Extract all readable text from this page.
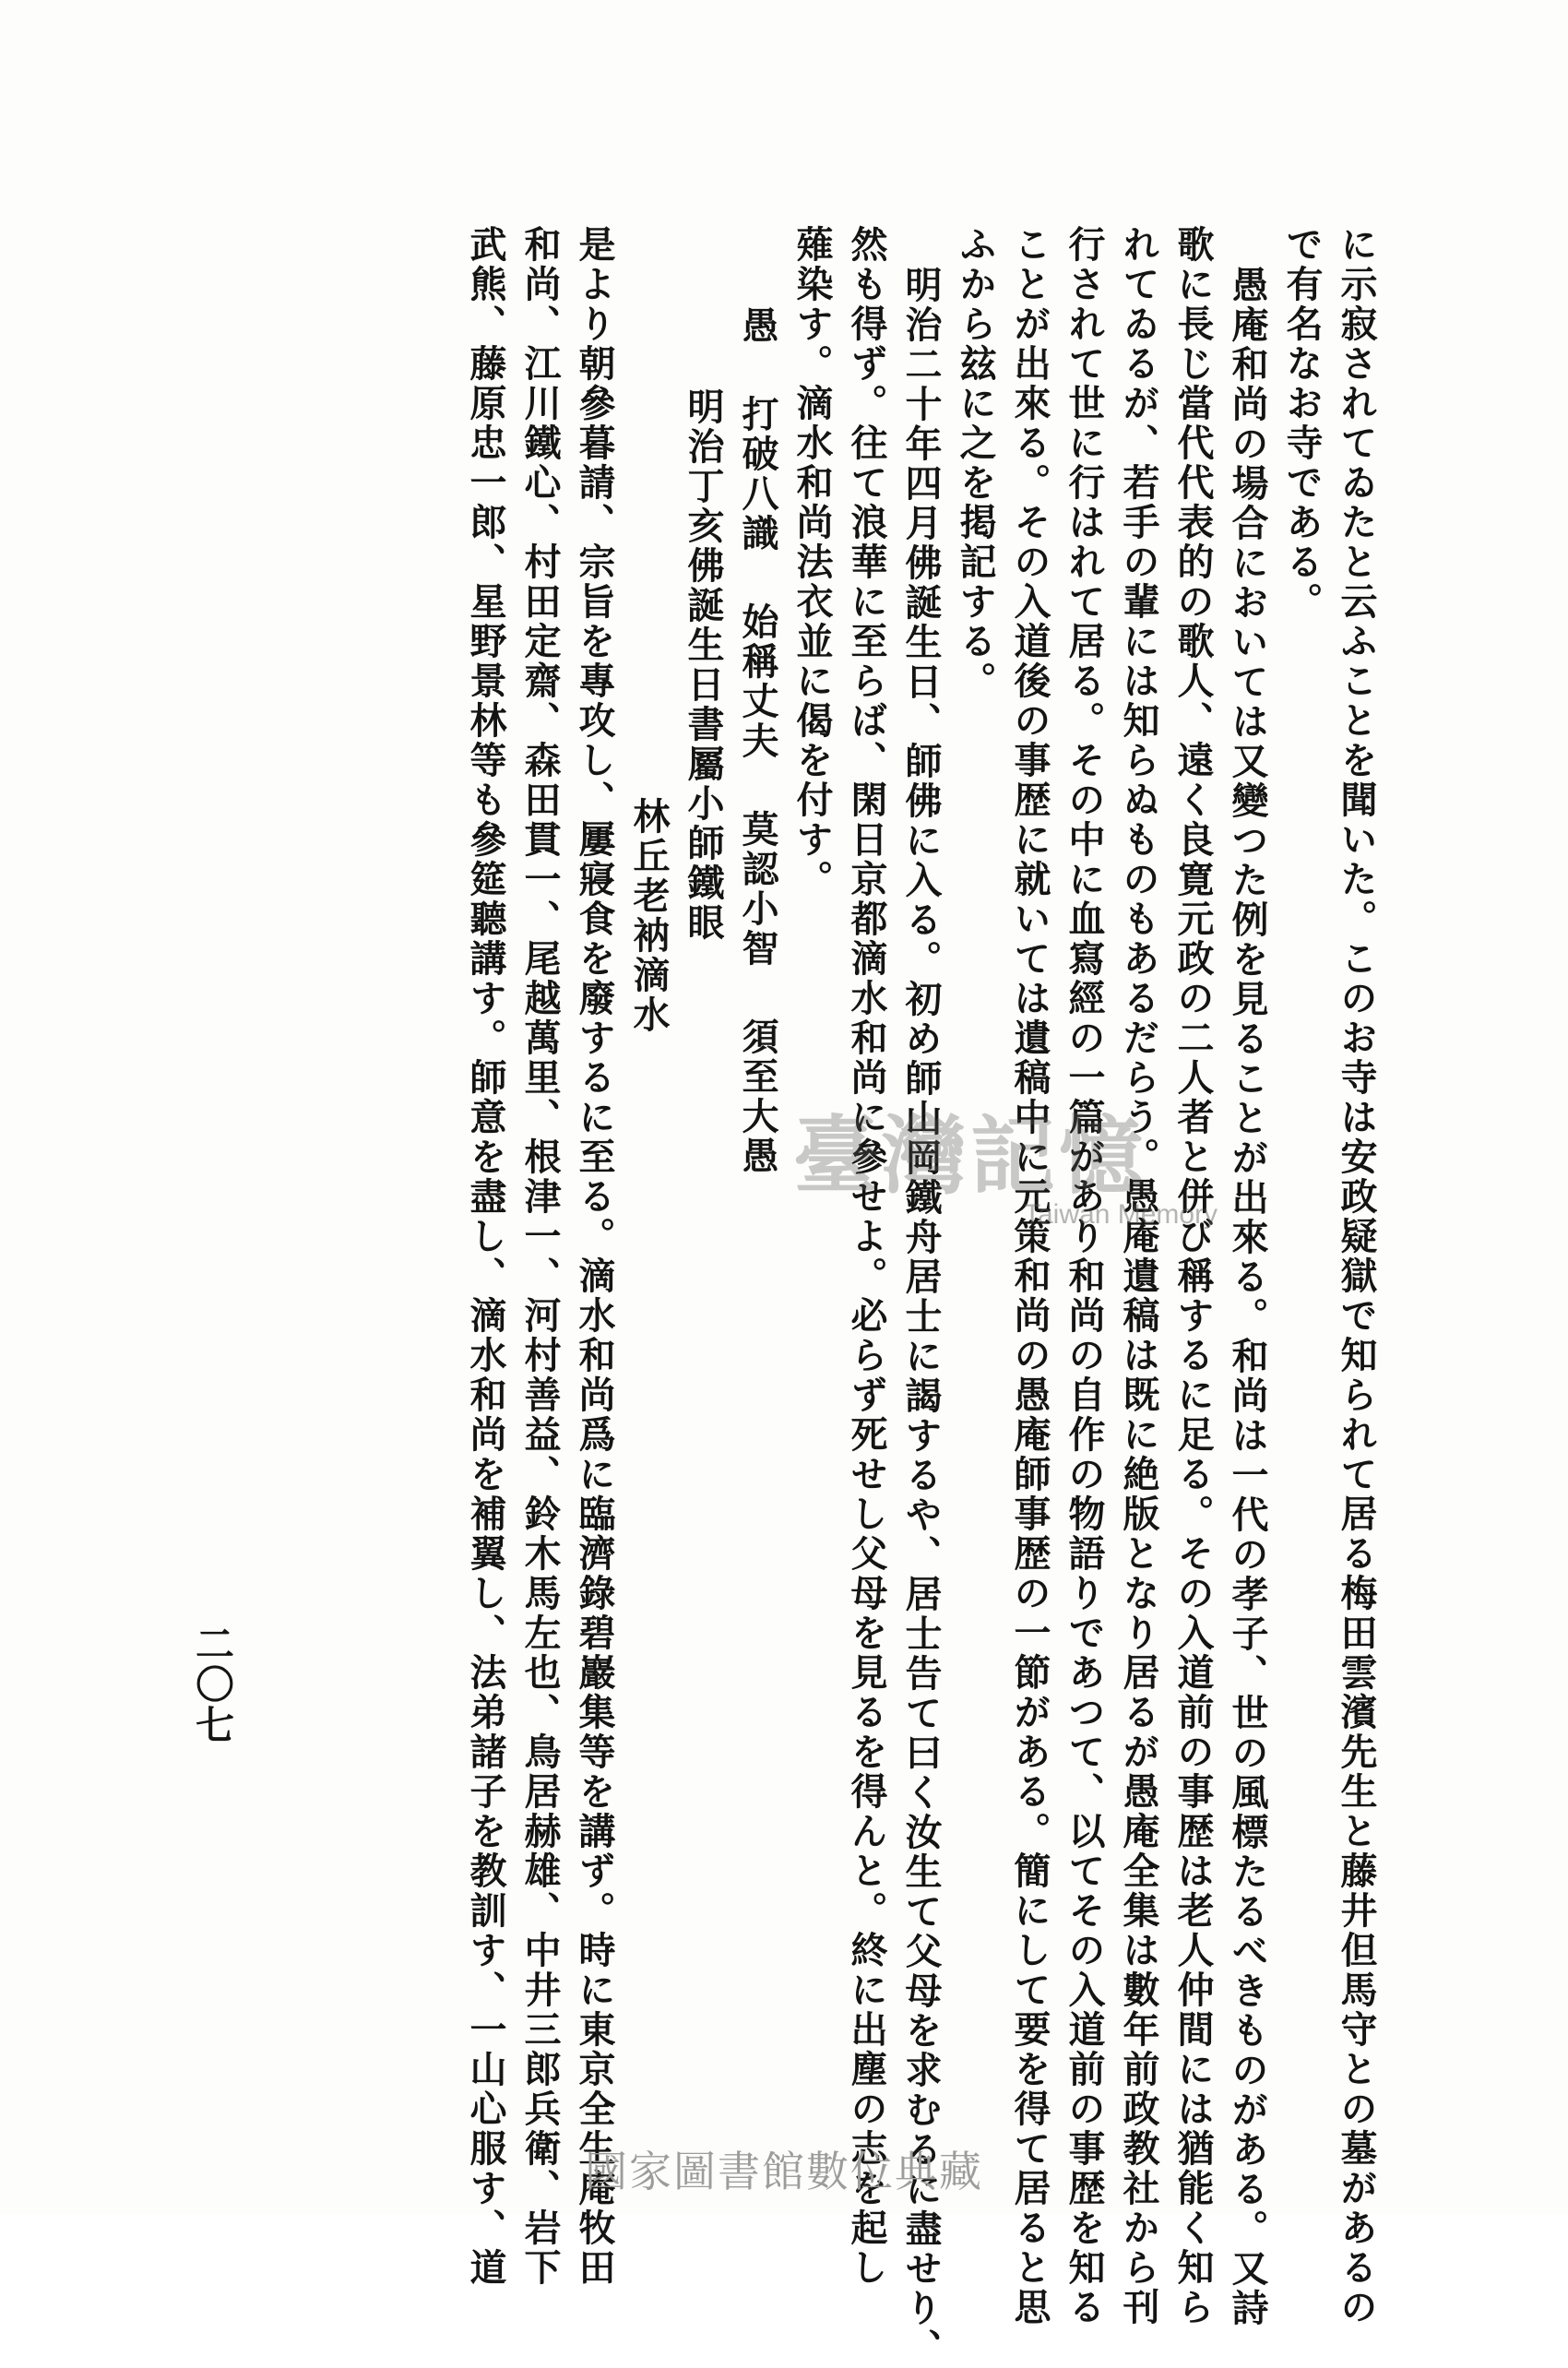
に示寂されてゐたと云ふことを聞いた。このお寺は安政疑獄で知られて居る梅田雲濱先生と藤井但馬守との墓があるの
で有名なお寺である。
愚庵和尚の場合においては又變つた例を見ることが出來る。和尚は一代の孝子、世の風標たるべきものがある。又詩
歌に長じ當代代表的の歌人、遠く良寛元政の二人者と併び稱するに足る。その入道前の事歴は老人仲間には猶能く知ら
れてゐるが、若手の輩には知らぬものもあるだらう。愚庵遺稿は既に絶版となり居るが愚庵全集は數年前政教社から刊
行されて世に行はれて居る。その中に血寫經の一篇があり和尚の自作の物語りであつて、以てその入道前の事歴を知る
ことが出來る。その入道後の事歴に就いては遺稿中に元策和尚の愚庵師事歴の一節がある。簡にして要を得て居ると思
ふから玆に之を掲記する。
明治二十年四月佛誕生日、師佛に入る。初め師山岡鐵舟居士に謁するや、居士告て曰く汝生て父母を求むるに盡せり、
然も得ず。往て浪華に至らば、閑日京都滴水和尚に參せよ。必らず死せし父母を見るを得んと。終に出塵の志を起し
薙染す。滴水和尚法衣並に偈を付す。
愚 打破八識 始稱丈夫 莫認小智 須至大愚
明治丁亥佛誕生日書屬小師鐵眼
林丘老衲滴水
是より朝參暮請、宗旨を專攻し、屢寢食を廢するに至る。滴水和尚爲に臨濟錄碧巖集等を講ず。時に東京全生庵牧田
和尚、江川鐵心、村田定齋、森田貫一、尾越萬里、根津一、河村善益、鈴木馬左也、鳥居赫雄、中井三郎兵衛、岩下
武熊、藤原忠一郎、星野景林等も參筵聽講す。師意を盡し、滴水和尚を補翼し、法弟諸子を教訓す、一山心服す、道
二〇七
臺灣記憶
Taiwan Memory
國家圖書館數位典藏
